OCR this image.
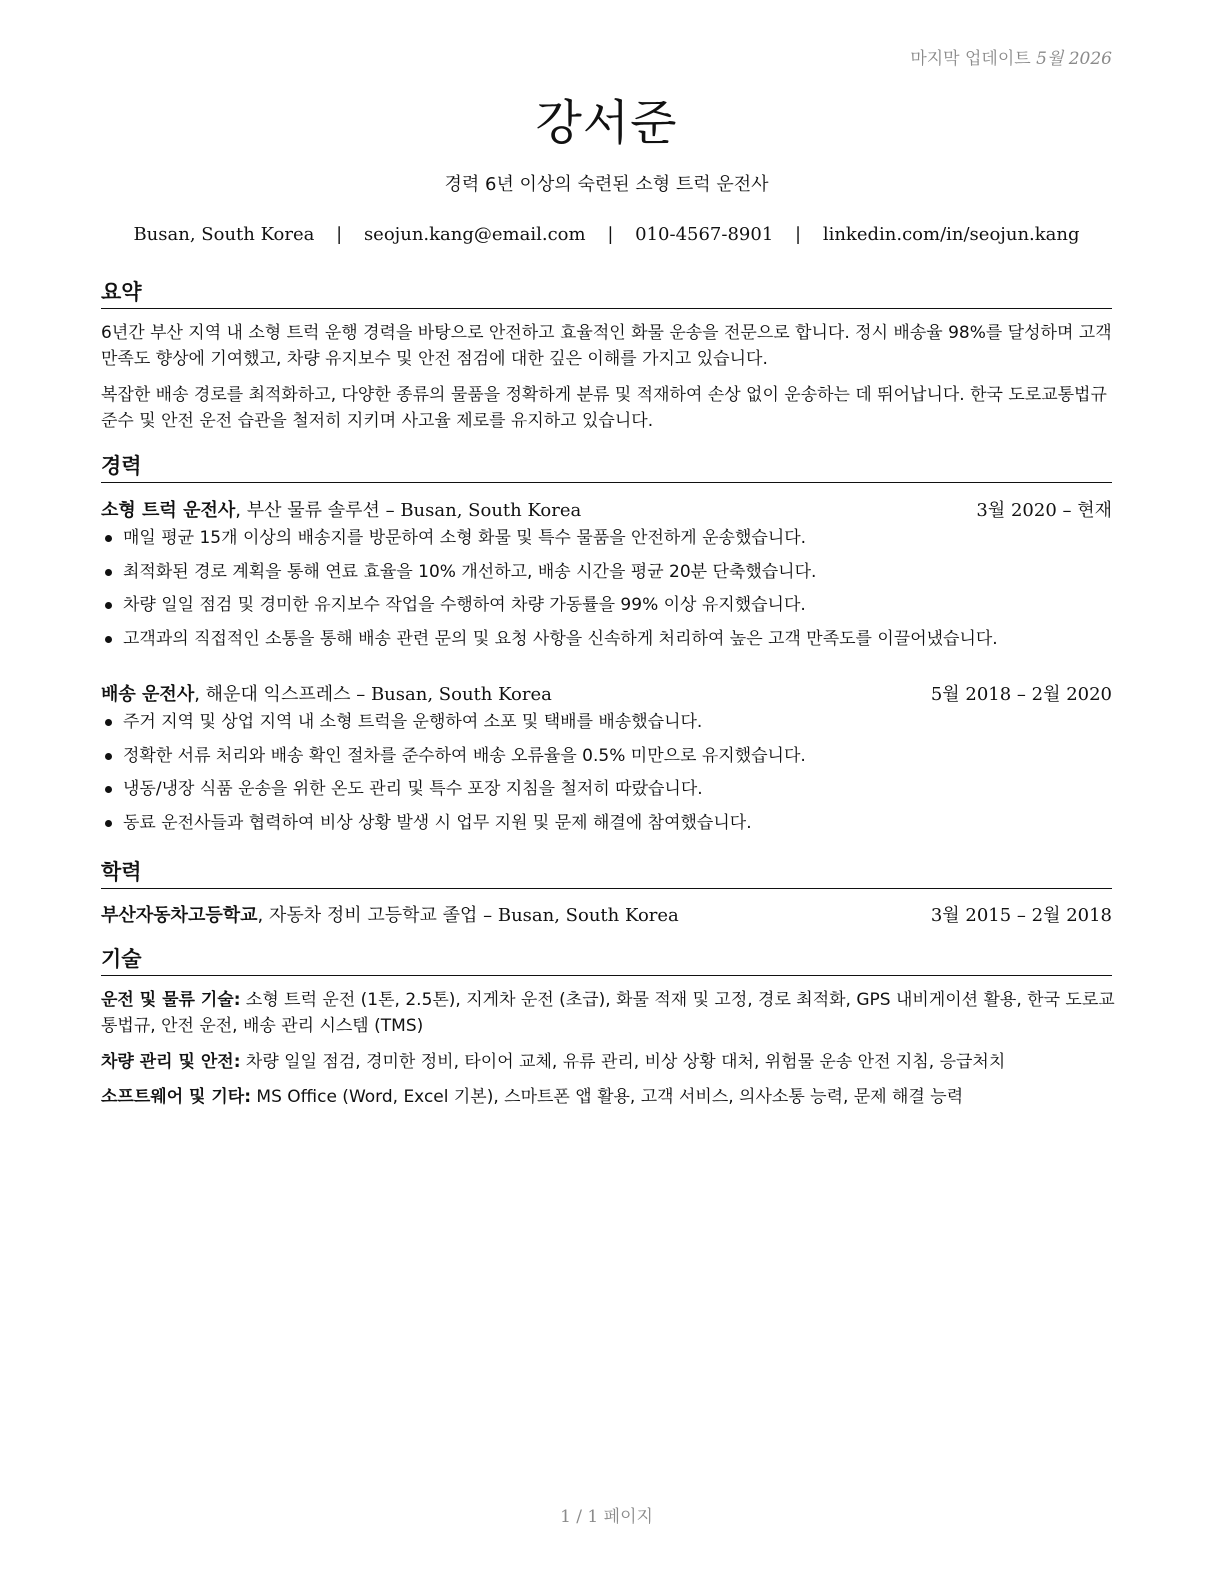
마지막 업데이트 5월 2026
강서준
경력 6년 이상의 숙련된 소형 트럭 운전사
Busan, South Korea | seojun.kang@email.com | 010-4567-8901 | linkedin.com/in/seojun.kang
요약
6년간 부산 지역 내 소형 트럭 운행 경력을 바탕으로 안전하고 효율적인 화물 운송을 전문으로 합니다. 정시 배송율 98%를 달성하며 고객 만족도 향상에 기여했고, 차량 유지보수 및 안전 점검에 대한 깊은 이해를 가지고 있습니다.
복잡한 배송 경로를 최적화하고, 다양한 종류의 물품을 정확하게 분류 및 적재하여 손상 없이 운송하는 데 뛰어납니다. 한국 도로교통법규 준수 및 안전 운전 습관을 철저히 지키며 사고율 제로를 유지하고 있습니다.
경력
소형 트럭 운전사, 부산 물류 솔루션 – Busan, South Korea	3월 2020 – 현재
매일 평균 15개 이상의 배송지를 방문하여 소형 화물 및 특수 물품을 안전하게 운송했습니다.
최적화된 경로 계획을 통해 연료 효율을 10% 개선하고, 배송 시간을 평균 20분 단축했습니다.
차량 일일 점검 및 경미한 유지보수 작업을 수행하여 차량 가동률을 99% 이상 유지했습니다.
고객과의 직접적인 소통을 통해 배송 관련 문의 및 요청 사항을 신속하게 처리하여 높은 고객 만족도를 이끌어냈습니다.
배송 운전사, 해운대 익스프레스 – Busan, South Korea	5월 2018 – 2월 2020
주거 지역 및 상업 지역 내 소형 트럭을 운행하여 소포 및 택배를 배송했습니다.
정확한 서류 처리와 배송 확인 절차를 준수하여 배송 오류율을 0.5% 미만으로 유지했습니다.
냉동/냉장 식품 운송을 위한 온도 관리 및 특수 포장 지침을 철저히 따랐습니다.
동료 운전사들과 협력하여 비상 상황 발생 시 업무 지원 및 문제 해결에 참여했습니다.
학력
부산자동차고등학교, 자동차 정비 고등학교 졸업 – Busan, South Korea	3월 2015 – 2월 2018
기술
운전 및 물류 기술: 소형 트럭 운전 (1톤, 2.5톤), 지게차 운전 (초급), 화물 적재 및 고정, 경로 최적화, GPS 내비게이션 활용, 한국 도로교통법규, 안전 운전, 배송 관리 시스템 (TMS)
차량 관리 및 안전: 차량 일일 점검, 경미한 정비, 타이어 교체, 유류 관리, 비상 상황 대처, 위험물 운송 안전 지침, 응급처치
소프트웨어 및 기타: MS Office (Word, Excel 기본), 스마트폰 앱 활용, 고객 서비스, 의사소통 능력, 문제 해결 능력
1 / 1 페이지
